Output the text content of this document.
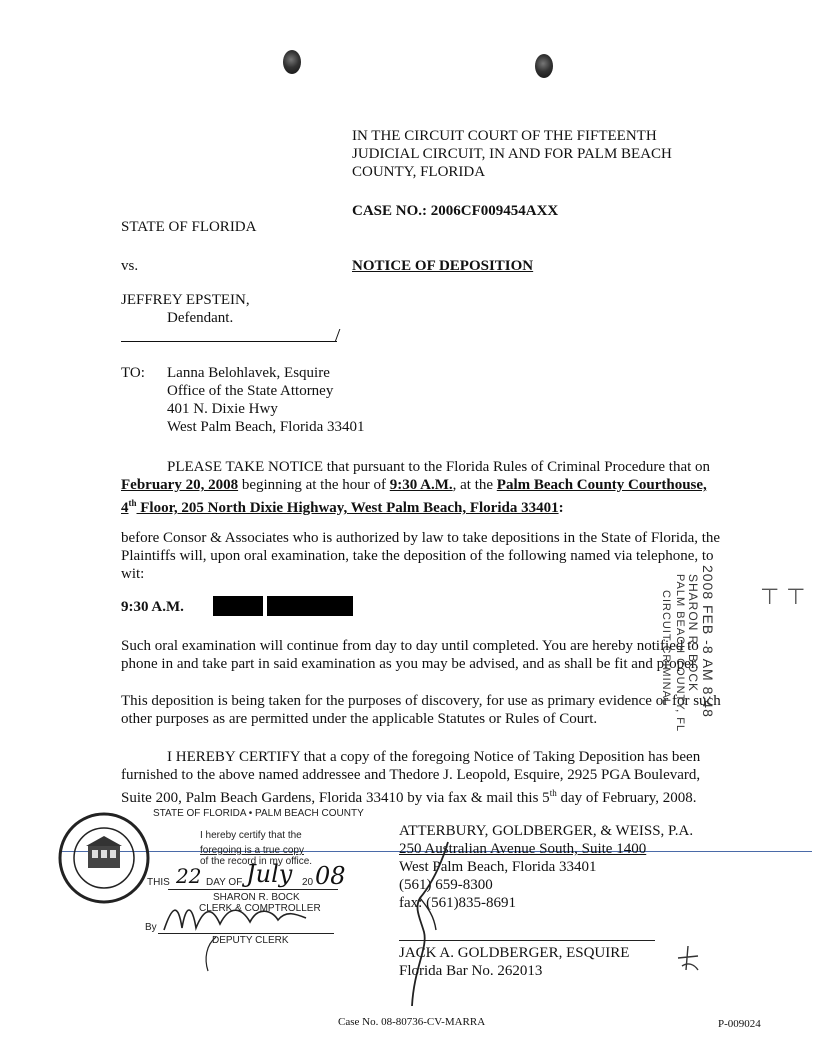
IN THE CIRCUIT COURT OF THE FIFTEENTH
JUDICIAL CIRCUIT, IN AND FOR PALM BEACH
COUNTY, FLORIDA
CASE NO.: 2006CF009454AXX
STATE OF FLORIDA
vs.	NOTICE OF DEPOSITION
JEFFREY EPSTEIN,
Defendant.
TO: Lanna Belohlavek, Esquire
Office of the State Attorney
401 N. Dixie Hwy
West Palm Beach, Florida 33401
PLEASE TAKE NOTICE that pursuant to the Florida Rules of Criminal Procedure that on
February 20, 2008 beginning at the hour of 9:30 A.M., at the Palm Beach County Courthouse,
4th Floor, 205 North Dixie Highway, West Palm Beach, Florida 33401:
before Consor & Associates who is authorized by law to take depositions in the State of Florida, the
Plaintiffs will, upon oral examination, take the deposition of the following named via telephone, to
wit:
9:30 A.M.
Such oral examination will continue from day to day until completed. You are hereby notified to
phone in and take part in said examination as you may be advised, and as shall be fit and proper.
This deposition is being taken for the purposes of discovery, for use as primary evidence or for such
other purposes as are permitted under the applicable Statutes or Rules of Court.
I HEREBY CERTIFY that a copy of the foregoing Notice of Taking Deposition has been
furnished to the above named addressee and Thedore J. Leopold, Esquire, 2925 PGA Boulevard,
Suite 200, Palm Beach Gardens, Florida 33410 by via fax & mail this 5th day of February, 2008.
2008 FEB -8 AM 8:48
SHARON R. BOCK
PALM BEACH COUNTY, FL
CIRCUIT CRIMINAL	⊤ ⊤
STATE OF FLORIDA • PALM BEACH COUNTY
I hereby certify that the
foregoing is a true copy
of the record in my office.
THIS 22 DAY OF July 20 08
SHARON R. BOCK
CLERK & COMPTROLLER
By
DEPUTY CLERK
ATTERBURY, GOLDBERGER, & WEISS, P.A.
250 Australian Avenue South, Suite 1400
West Palm Beach, Florida 33401
(561) 659-8300
fax: (561)835-8691
JACK A. GOLDBERGER, ESQUIRE
Florida Bar No. 262013
Case No. 08-80736-CV-MARRA	P-009024
